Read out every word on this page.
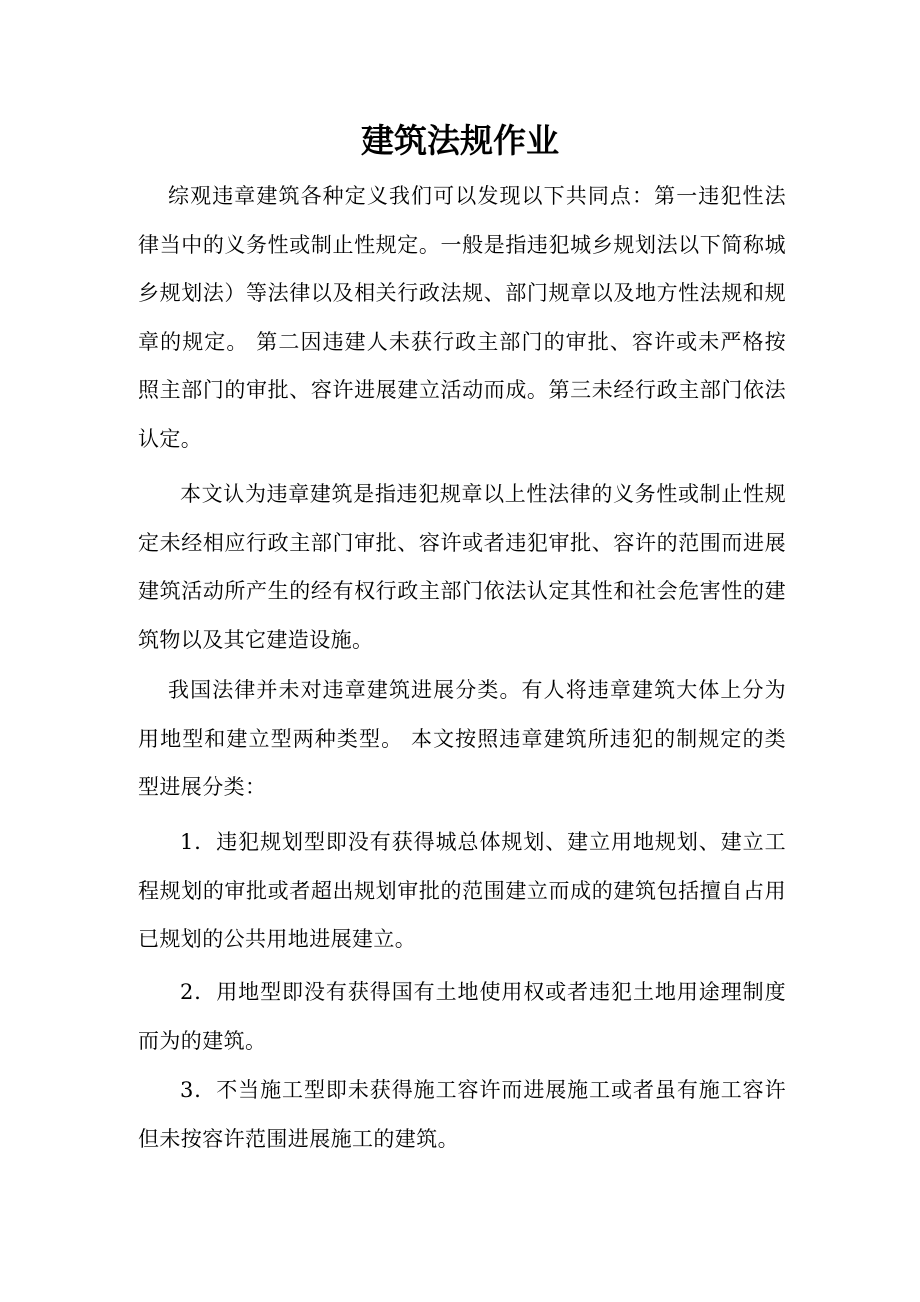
建筑法规作业

综观违章建筑各种定义我们可以发现以下共同点：第一违犯性法律当中的义务性或制止性规定。一般是指违犯城乡规划法以下简称城乡规划法）等法律以及相关行政法规、部门规章以及地方性法规和规章的规定。 第二因违建人未获行政主部门的审批、容许或未严格按照主部门的审批、容许进展建立活动而成。第三未经行政主部门依法认定。

本文认为违章建筑是指违犯规章以上性法律的义务性或制止性规定未经相应行政主部门审批、容许或者违犯审批、容许的范围而进展建筑活动所产生的经有权行政主部门依法认定其性和社会危害性的建筑物以及其它建造设施。

我国法律并未对违章建筑进展分类。有人将违章建筑大体上分为用地型和建立型两种类型。 本文按照违章建筑所违犯的制规定的类型进展分类：

1．违犯规划型即没有获得城总体规划、建立用地规划、建立工程规划的审批或者超出规划审批的范围建立而成的建筑包括擅自占用已规划的公共用地进展建立。

2．用地型即没有获得国有土地使用权或者违犯土地用途理制度而为的建筑。

3．不当施工型即未获得施工容许而进展施工或者虽有施工容许但未按容许范围进展施工的建筑。
